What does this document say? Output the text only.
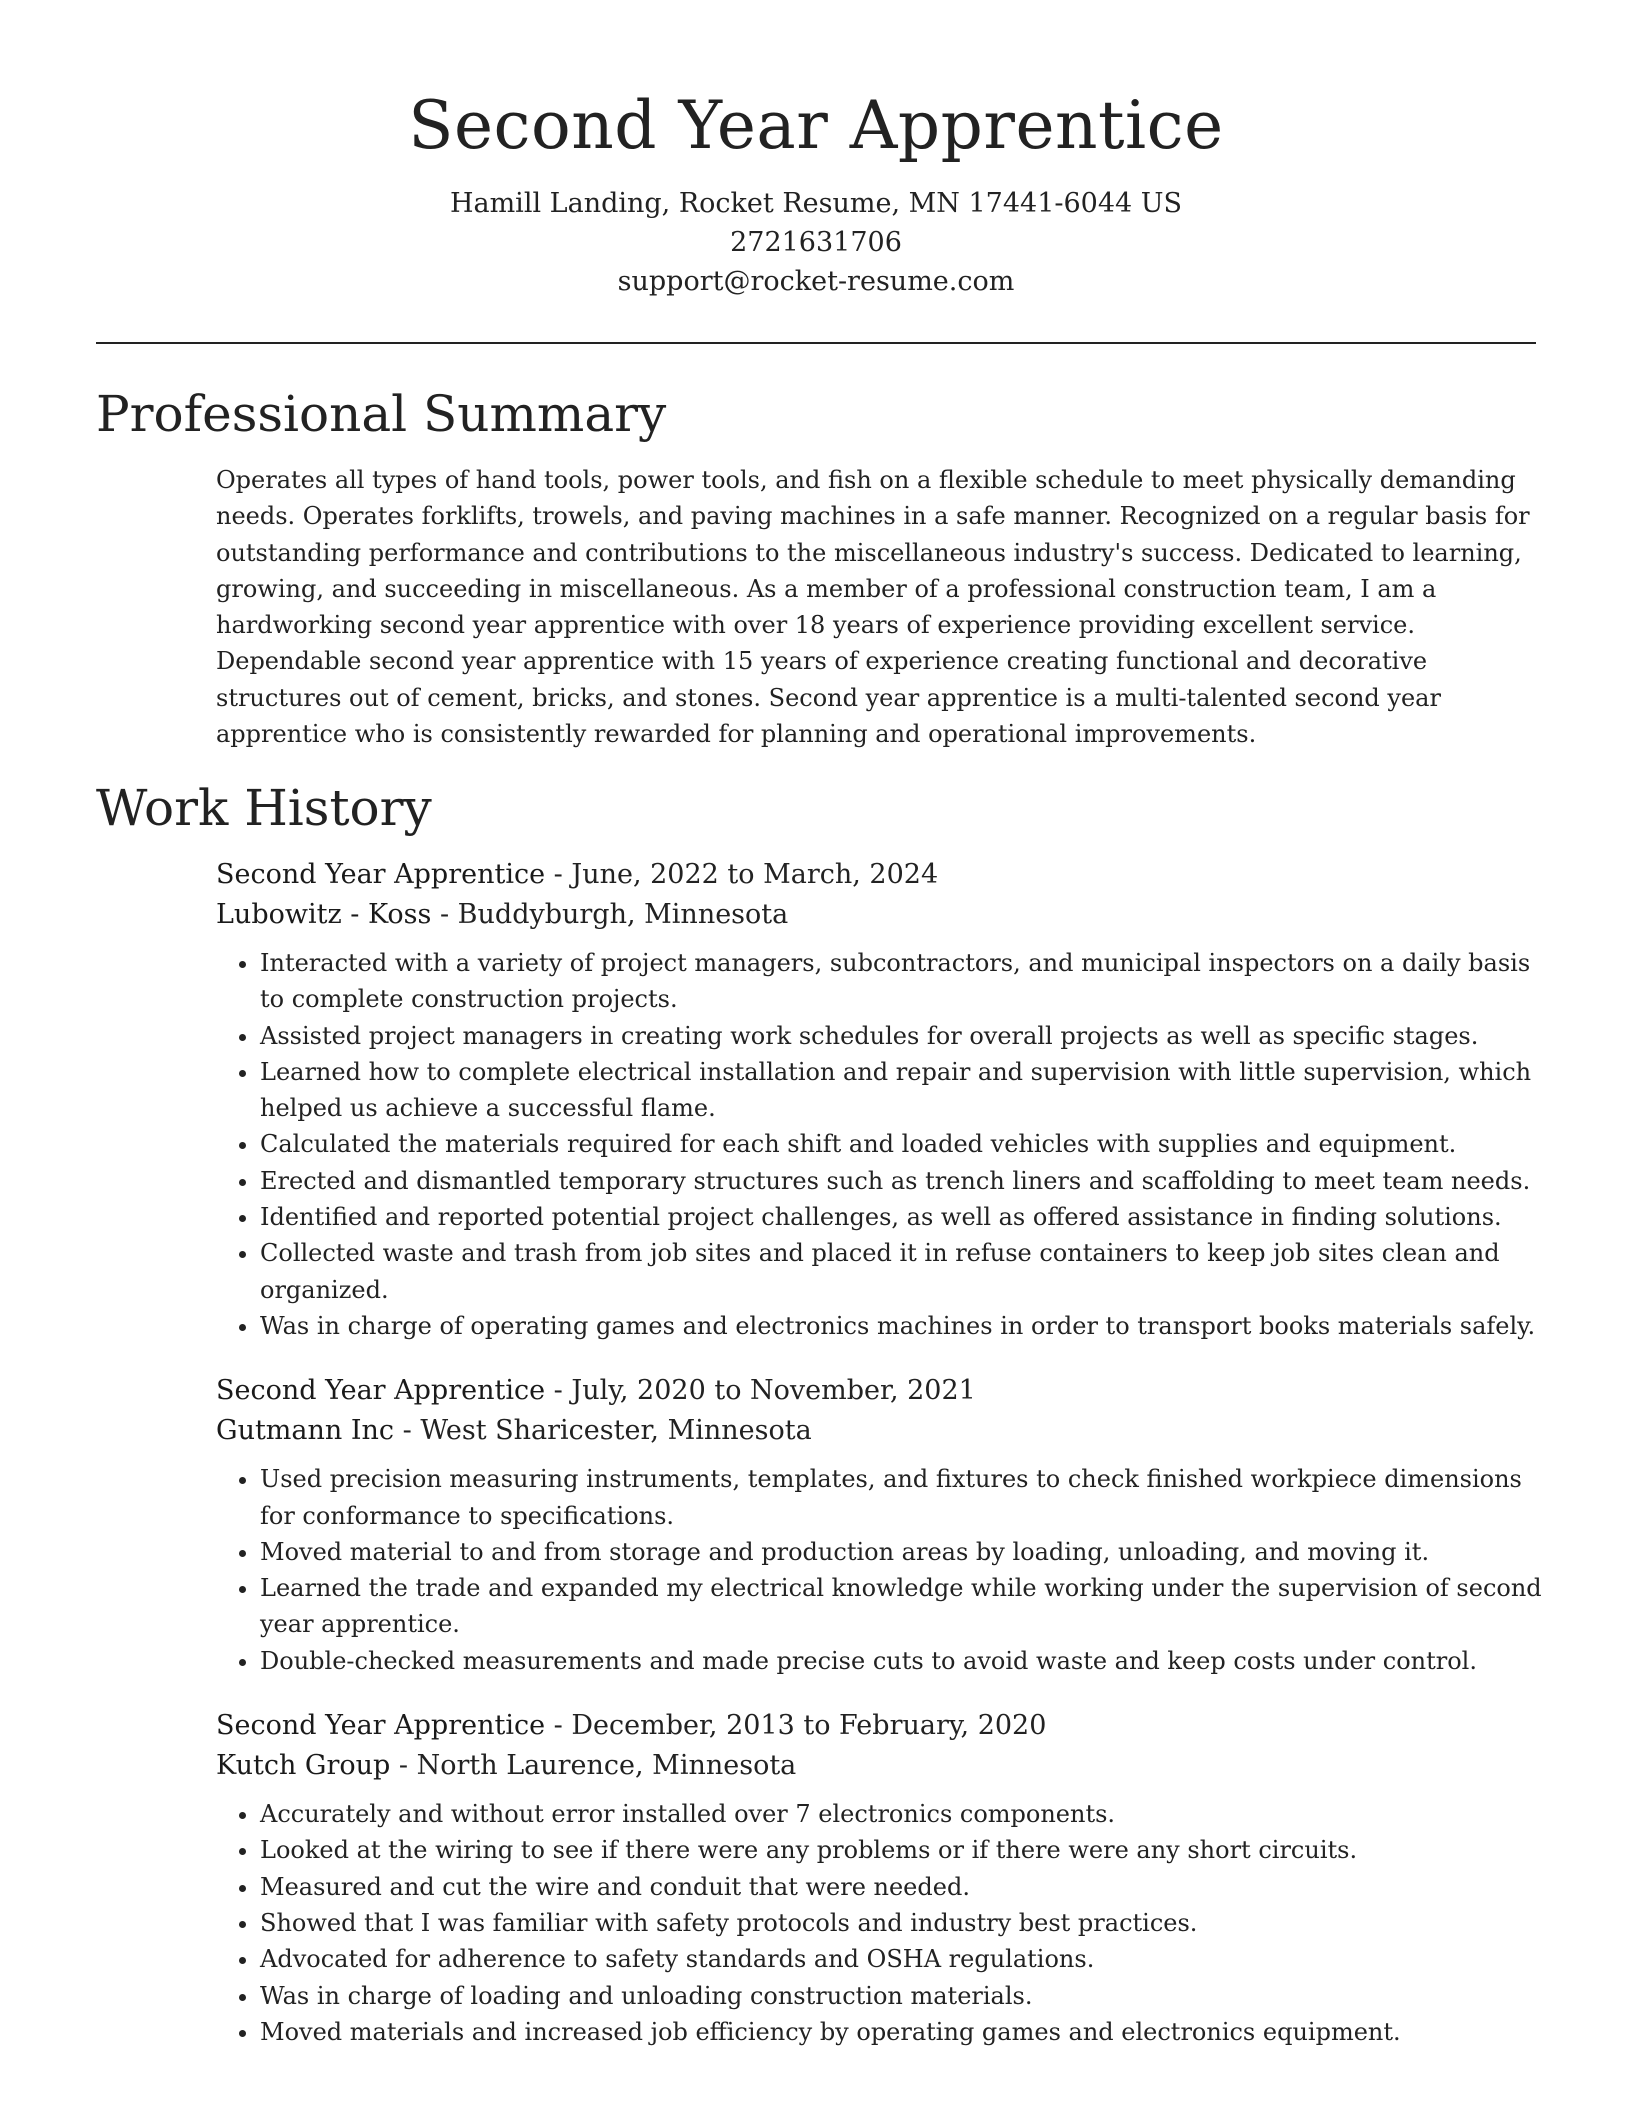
Second Year Apprentice
Hamill Landing, Rocket Resume, MN 17441-6044 US
2721631706
support@rocket-resume.com
Professional Summary

Operates all types of hand tools, power tools, and fish on a flexible schedule to meet physically demanding needs. Operates forklifts, trowels, and paving machines in a safe manner. Recognized on a regular basis for outstanding performance and contributions to the miscellaneous industry's success. Dedicated to learning, growing, and succeeding in miscellaneous. As a member of a professional construction team, I am a hardworking second year apprentice with over 18 years of experience providing excellent service. Dependable second year apprentice with 15 years of experience creating functional and decorative structures out of cement, bricks, and stones. Second year apprentice is a multi-talented second year apprentice who is consistently rewarded for planning and operational improvements.

Work History

Second Year Apprentice - June, 2022 to March, 2024

Lubowitz - Koss - Buddyburgh, Minnesota

• Interacted with a variety of project managers, subcontractors, and municipal inspectors on a daily basis to complete construction projects.
• Assisted project managers in creating work schedules for overall projects as well as specific stages.
• Learned how to complete electrical installation and repair and supervision with little supervision, which helped us achieve a successful flame.
• Calculated the materials required for each shift and loaded vehicles with supplies and equipment.
• Erected and dismantled temporary structures such as trench liners and scaffolding to meet team needs.
• Identified and reported potential project challenges, as well as offered assistance in finding solutions.
• Collected waste and trash from job sites and placed it in refuse containers to keep job sites clean and organized.
• Was in charge of operating games and electronics machines in order to transport books materials safely.

Second Year Apprentice - July, 2020 to November, 2021

Gutmann Inc - West Sharicester, Minnesota

• Used precision measuring instruments, templates, and fixtures to check finished workpiece dimensions for conformance to specifications.
• Moved material to and from storage and production areas by loading, unloading, and moving it.
• Learned the trade and expanded my electrical knowledge while working under the supervision of second year apprentice.
• Double-checked measurements and made precise cuts to avoid waste and keep costs under control.

Second Year Apprentice - December, 2013 to February, 2020

Kutch Group - North Laurence, Minnesota

• Accurately and without error installed over 7 electronics components.
• Looked at the wiring to see if there were any problems or if there were any short circuits.
• Measured and cut the wire and conduit that were needed.
• Showed that I was familiar with safety protocols and industry best practices.
• Advocated for adherence to safety standards and OSHA regulations.
• Was in charge of loading and unloading construction materials.
• Moved materials and increased job efficiency by operating games and electronics equipment.
